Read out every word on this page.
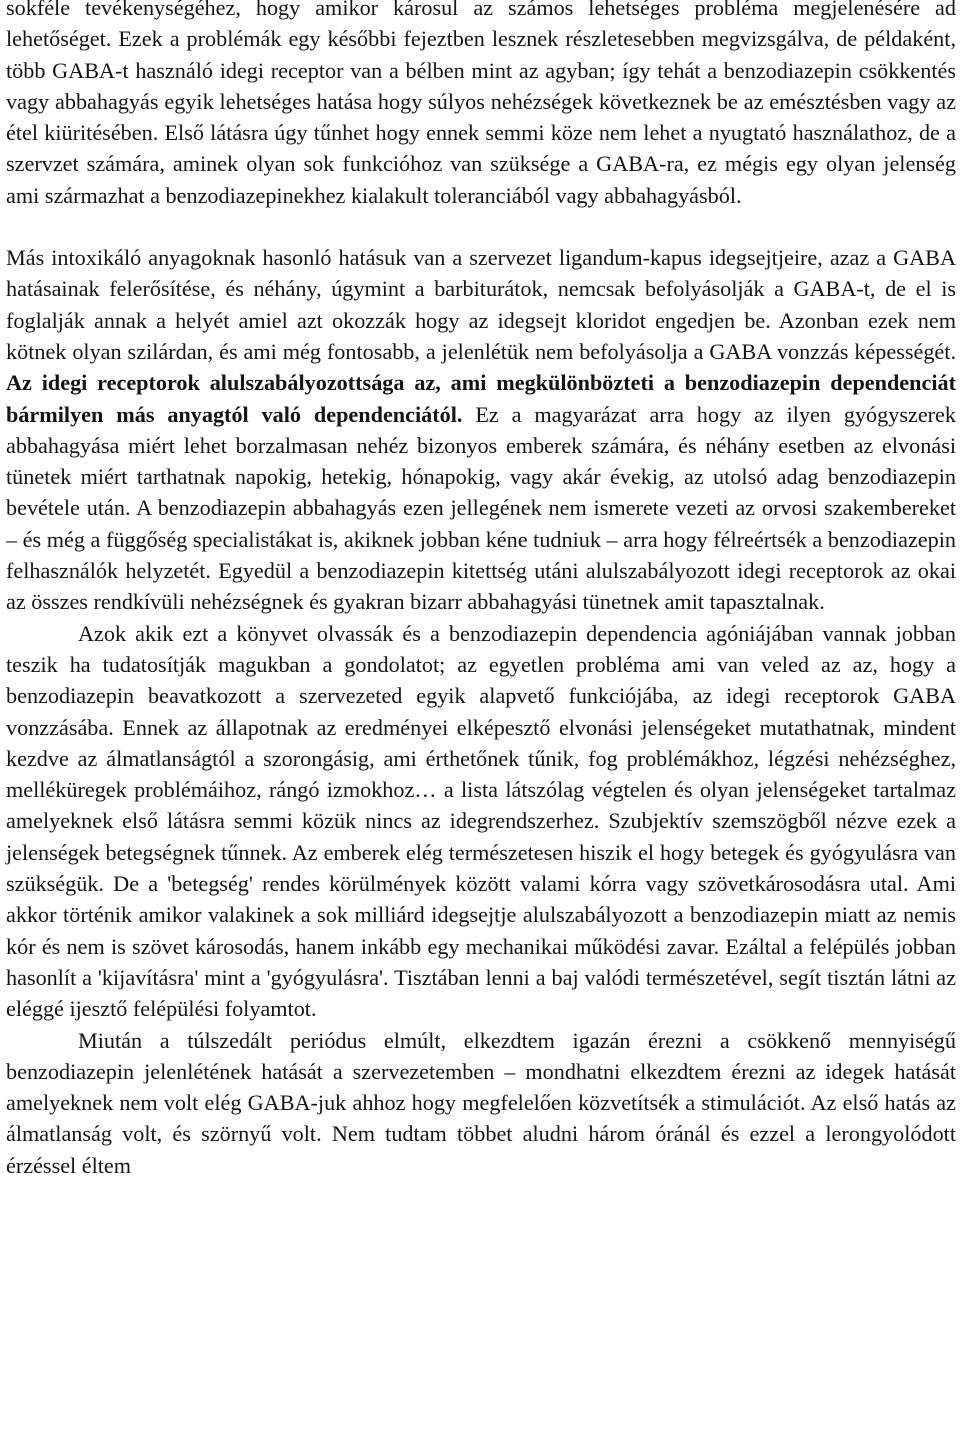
sokféle tevékenységéhez, hogy amikor károsul az számos lehetséges probléma megjelenésére ad lehetőséget. Ezek a problémák egy későbbi fejeztben lesznek részletesebben megvizsgálva, de példaként, több GABA-t használó idegi receptor van a bélben mint az agyban; így tehát a benzodiazepin csökkentés vagy abbahagyás egyik lehetséges hatása hogy súlyos nehézségek következnek be az emésztésben vagy az étel kiüritésében. Első látásra úgy tűnhet hogy ennek semmi köze nem lehet a nyugtató használathoz, de a szervzet számára, aminek olyan sok funkcióhoz van szüksége a GABA-ra, ez mégis egy olyan jelenség ami származhat a benzodiazepinekhez kialakult toleranciából vagy abbahagyásból.

Más intoxikáló anyagoknak hasonló hatásuk van a szervezet ligandum-kapus idegsejtjeire, azaz a GABA hatásainak felerősítése, és néhány, úgymint a barbiturátok, nemcsak befolyásolják a GABA-t, de el is foglalják annak a helyét amiel azt okozzák hogy az idegsejt kloridot engedjen be. Azonban ezek nem kötnek olyan szilárdan, és ami még fontosabb, a jelenlétük nem befolyásolja a GABA vonzzás képességét. Az idegi receptorok alulszabályozottsága az, ami megkülönbözteti a benzodiazepin dependenciát bármilyen más anyagtól való dependenciától. Ez a magyarázat arra hogy az ilyen gyógyszerek abbahagyása miért lehet borzalmasan nehéz bizonyos emberek számára, és néhány esetben az elvonási tünetek miért tarthatnak napokig, hetekig, hónapokig, vagy akár évekig, az utolsó adag benzodiazepin bevétele után. A benzodiazepin abbahagyás ezen jellegének nem ismerete vezeti az orvosi szakembereket – és még a függőség specialistákat is, akiknek jobban kéne tudniuk – arra hogy félreértsék a benzodiazepin felhasználók helyzetét. Egyedül a benzodiazepin kitettség utáni alulszabályozott idegi receptorok az okai az összes rendkívüli nehézségnek és gyakran bizarr abbahagyási tünetnek amit tapasztalnak.

Azok akik ezt a könyvet olvassák és a benzodiazepin dependencia agóniájában vannak jobban teszik ha tudatosítják magukban a gondolatot; az egyetlen probléma ami van veled az az, hogy a benzodiazepin beavatkozott a szervezeted egyik alapvető funkciójába, az idegi receptorok GABA vonzzásába. Ennek az állapotnak az eredményei elképesztő elvonási jelenségeket mutathatnak, mindent kezdve az álmatlanságtól a szorongásig, ami érthetőnek tűnik, fog problémákhoz, légzési nehézséghez, melléküregek problémáihoz, rángó izmokhoz… a lista látszólag végtelen és olyan jelenségeket tartalmaz amelyeknek első látásra semmi közük nincs az idegrendszerhez. Szubjektív szemszögből nézve ezek a jelenségek betegségnek tűnnek. Az emberek elég természetesen hiszik el hogy betegek és gyógyulásra van szükségük. De a 'betegség' rendes körülmények között valami kórra vagy szövetkárosodásra utal. Ami akkor történik amikor valakinek a sok milliárd idegsejtje alulszabályozott a benzodiazepin miatt az nemis kór és nem is szövet károsodás, hanem inkább egy mechanikai működési zavar. Ezáltal a felépülés jobban hasonlít a 'kijavításra' mint a 'gyógyulásra'. Tisztában lenni a baj valódi természetével, segít tisztán látni az eléggé ijesztő felépülési folyamtot.

Miután a túlszedált periódus elmúlt, elkezdtem igazán érezni a csökkenő mennyiségű benzodiazepin jelenlétének hatását a szervezetemben – mondhatni elkezdtem érezni az idegek hatását amelyeknek nem volt elég GABA-juk ahhoz hogy megfelelően közvetítsék a stimulációt. Az első hatás az álmatlanság volt, és szörnyű volt. Nem tudtam többet aludni három óránál és ezzel a lerongyolódott érzéssel éltem
